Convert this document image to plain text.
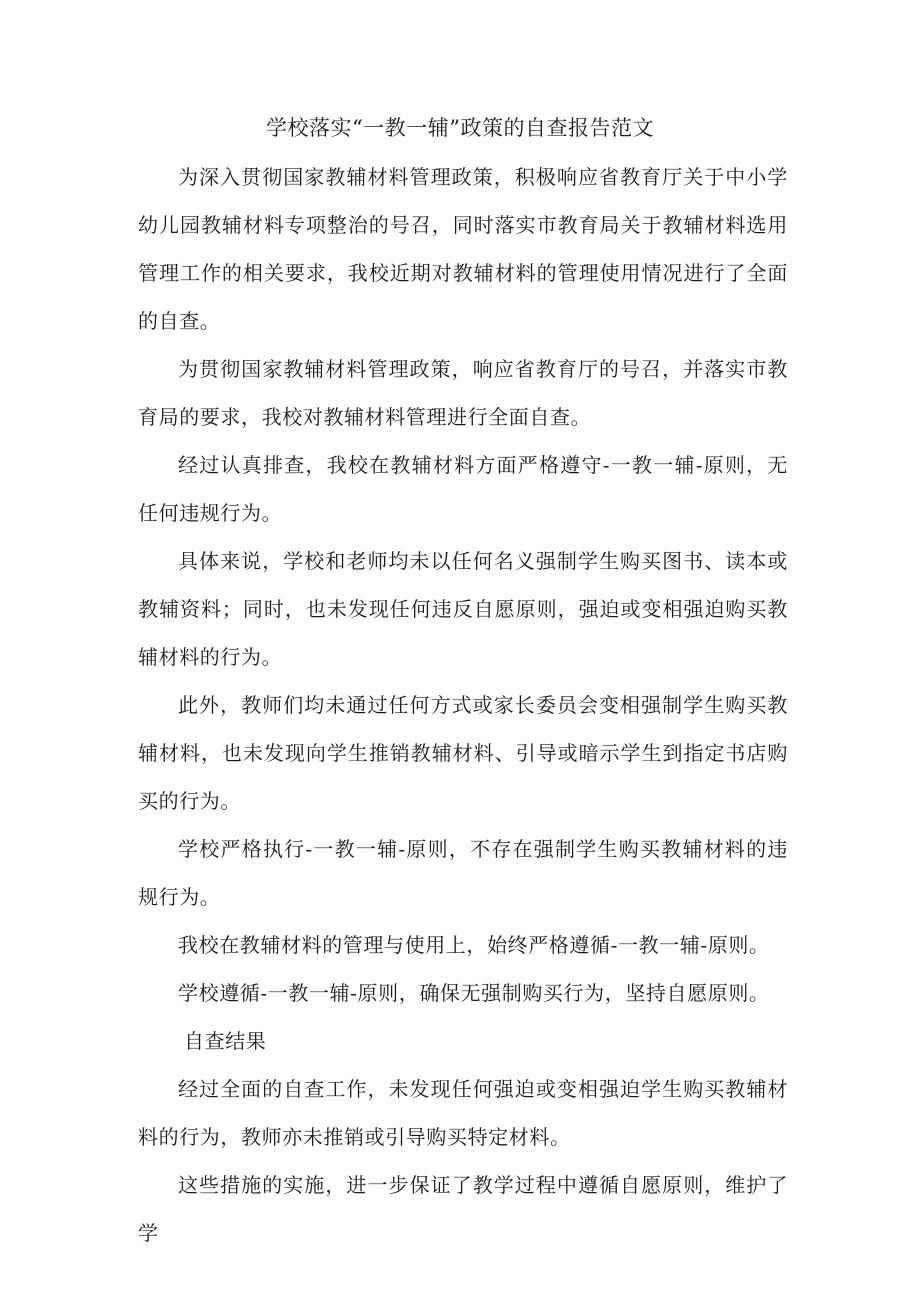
学校落实“一教一辅”政策的自查报告范文

为深入贯彻国家教辅材料管理政策，积极响应省教育厅关于中小学幼儿园教辅材料专项整治的号召，同时落实市教育局关于教辅材料选用管理工作的相关要求，我校近期对教辅材料的管理使用情况进行了全面的自查。

为贯彻国家教辅材料管理政策，响应省教育厅的号召，并落实市教育局的要求，我校对教辅材料管理进行全面自查。

经过认真排查，我校在教辅材料方面严格遵守-一教一辅-原则，无任何违规行为。

具体来说，学校和老师均未以任何名义强制学生购买图书、读本或教辅资料；同时，也未发现任何违反自愿原则，强迫或变相强迫购买教辅材料的行为。

此外，教师们均未通过任何方式或家长委员会变相强制学生购买教辅材料，也未发现向学生推销教辅材料、引导或暗示学生到指定书店购买的行为。

学校严格执行-一教一辅-原则，不存在强制学生购买教辅材料的违规行为。

我校在教辅材料的管理与使用上，始终严格遵循-一教一辅-原则。

学校遵循-一教一辅-原则，确保无强制购买行为，坚持自愿原则。

自查结果

经过全面的自查工作，未发现任何强迫或变相强迫学生购买教辅材料的行为，教师亦未推销或引导购买特定材料。

这些措施的实施，进一步保证了教学过程中遵循自愿原则，维护了学
